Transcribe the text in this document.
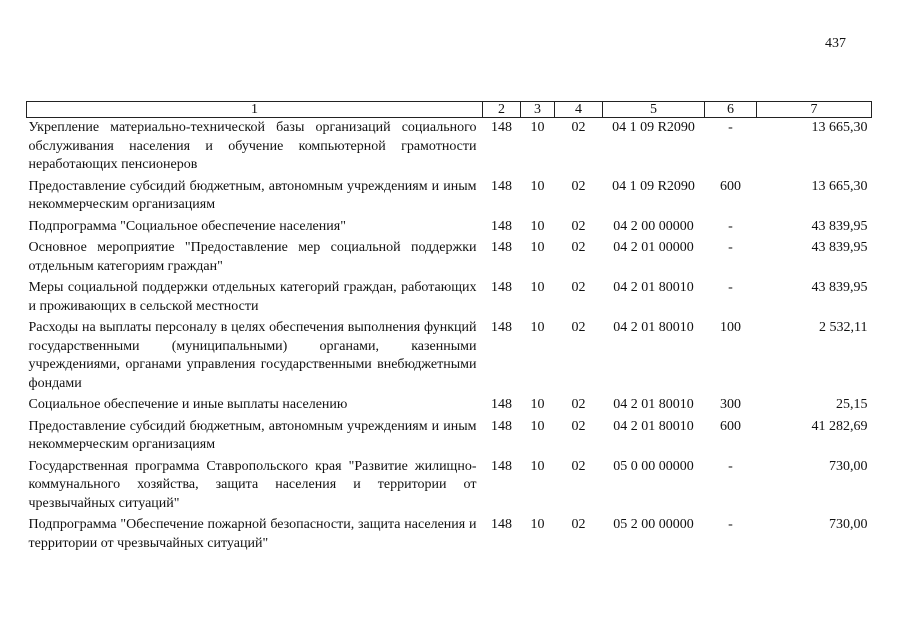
437
1	2	3	4	5	6	7
Укрепление материально-технической базы организаций социального обслуживания населения и обучение компьютерной грамотности неработающих пенсионеров	148	10	02	04 1 09 R2090	-	13 665,30
Предоставление субсидий бюджетным, автономным учреждениям и иным некоммерческим организациям	148	10	02	04 1 09 R2090	600	13 665,30
Подпрограмма "Социальное обеспечение населения"	148	10	02	04 2 00 00000	-	43 839,95
Основное мероприятие "Предоставление мер социальной поддержки отдельным категориям граждан"	148	10	02	04 2 01 00000	-	43 839,95
Меры социальной поддержки отдельных категорий граждан, работающих и проживающих в сельской местности	148	10	02	04 2 01 80010	-	43 839,95
Расходы на выплаты персоналу в целях обеспечения выполнения функций государственными (муниципальными) органами, казенными учреждениями, органами управления государственными внебюджетными фондами	148	10	02	04 2 01 80010	100	2 532,11
Социальное обеспечение и иные выплаты населению	148	10	02	04 2 01 80010	300	25,15
Предоставление субсидий бюджетным, автономным учреждениям и иным некоммерческим организациям	148	10	02	04 2 01 80010	600	41 282,69
Государственная программа Ставропольского края "Развитие жилищно-коммунального хозяйства, защита населения и территории от чрезвычайных ситуаций"	148	10	02	05 0 00 00000	-	730,00
Подпрограмма "Обеспечение пожарной безопасности, защита населения и территории от чрезвычайных ситуаций"	148	10	02	05 2 00 00000	-	730,00
